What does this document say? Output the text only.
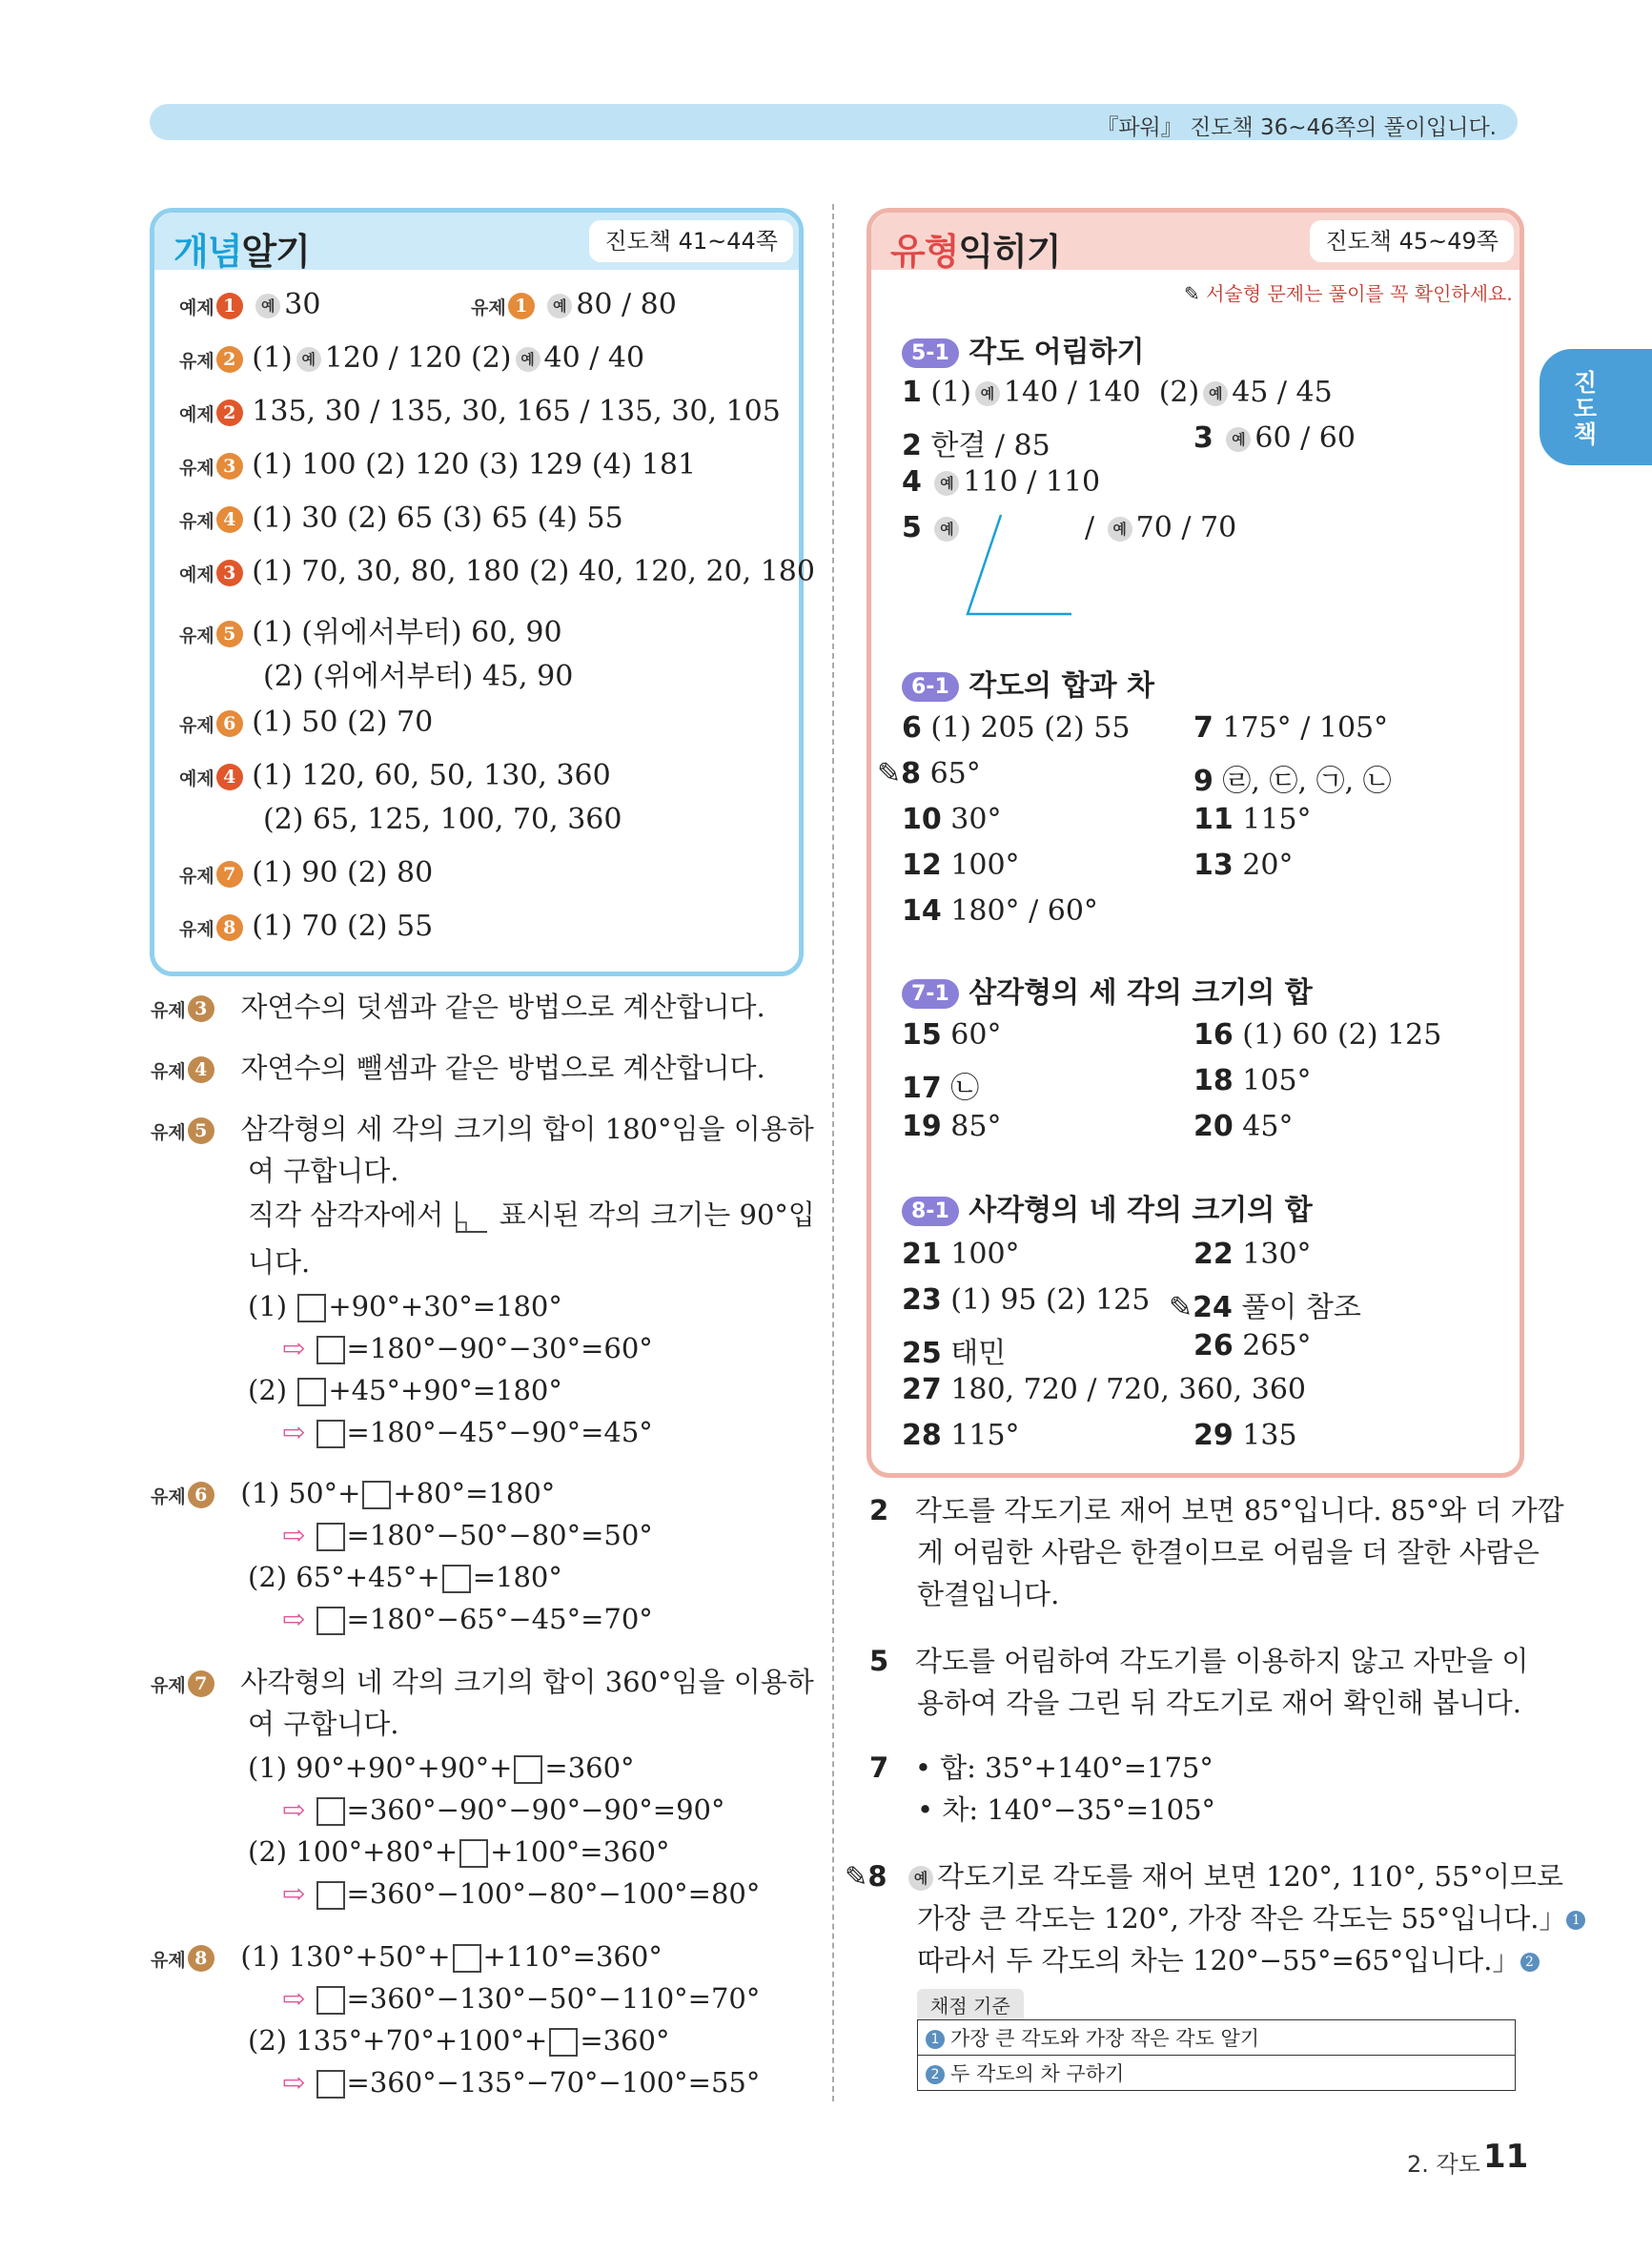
『파워』 진도책 36~46쪽의 풀이입니다.
진도책
개념알기	진도책 41~44쪽
예제 1 예 30	유제 1 예 80 / 80
유제 2 (1) 예 120 / 120 (2) 예 40 / 40
예제 2 135, 30 / 135, 30, 165 / 135, 30, 105
유제 3 (1) 100 (2) 120 (3) 129 (4) 181
유제 4 (1) 30 (2) 65 (3) 65 (4) 55
예제 3 (1) 70, 30, 80, 180 (2) 40, 120, 20, 180
유제 5 (1) (위에서부터) 60, 90
(2) (위에서부터) 45, 90
유제 6 (1) 50 (2) 70
예제 4 (1) 120, 60, 50, 130, 360
(2) 65, 125, 100, 70, 360
유제 7 (1) 90 (2) 80
유제 8 (1) 70 (2) 55
유제 3 자연수의 덧셈과 같은 방법으로 계산합니다.
유제 4 자연수의 뺄셈과 같은 방법으로 계산합니다.
유제 5 삼각형의 세 각의 크기의 합이 180°임을 이용하
여 구합니다.
직각 삼각자에서 표시된 각의 크기는 90°입
니다.
(1) +90°+30°=180°
⇨ =180°−90°−30°=60°
(2) +45°+90°=180°
⇨ =180°−45°−90°=45°
유제 6 (1) 50°+ +80°=180°
⇨ =180°−50°−80°=50°
(2) 65°+45°+ =180°
⇨ =180°−65°−45°=70°
유제 7 사각형의 네 각의 크기의 합이 360°임을 이용하
여 구합니다.
(1) 90°+90°+90°+ =360°
⇨ =360°−90°−90°−90°=90°
(2) 100°+80°+ +100°=360°
⇨ =360°−100°−80°−100°=80°
유제 8 (1) 130°+50°+ +110°=360°
⇨ =360°−130°−50°−110°=70°
(2) 135°+70°+100°+ =360°
⇨ =360°−135°−70°−100°=55°
유형익히기	진도책 45~49쪽
✎ 서술형 문제는 풀이를 꼭 확인하세요.
5-1 각도 어림하기
1 (1) 예 140 / 140 (2) 예 45 / 45
2 한결 / 85	3 예 60 / 60
4 예 110 / 110
5 예	/ 예 70 / 70
6-1 각도의 합과 차
6 (1) 205 (2) 55 7 175° / 105°
✎8 65°	9 ㉣, ㉢, ㉠, ㉡
10 30°	11 115°
12 100°	13 20°
14 180° / 60°
7-1 삼각형의 세 각의 크기의 합
15 60°	16 (1) 60 (2) 125
17 ㉡	18 105°
19 85°	20 45°
8-1 사각형의 네 각의 크기의 합
21 100°	22 130°
23 (1) 95 (2) 125 ✎24 풀이 참조
25 태민	26 265°
27 180, 720 / 720, 360, 360
28 115°	29 135
2 각도를 각도기로 재어 보면 85°입니다. 85°와 더 가깝
게 어림한 사람은 한결이므로 어림을 더 잘한 사람은
한결입니다.
5 각도를 어림하여 각도기를 이용하지 않고 자만을 이
용하여 각을 그린 뒤 각도기로 재어 확인해 봅니다.
7 • 합: 35°+140°=175°
• 차: 140°−35°=105°
✎8 예 각도기로 각도를 재어 보면 120°, 110°, 55°이므로
가장 큰 각도는 120°, 가장 작은 각도는 55°입니다.」 1
따라서 두 각도의 차는 120°−55°=65°입니다.」 2
채점 기준
1 가장 큰 각도와 가장 작은 각도 알기
2 두 각도의 차 구하기
2. 각도 11
